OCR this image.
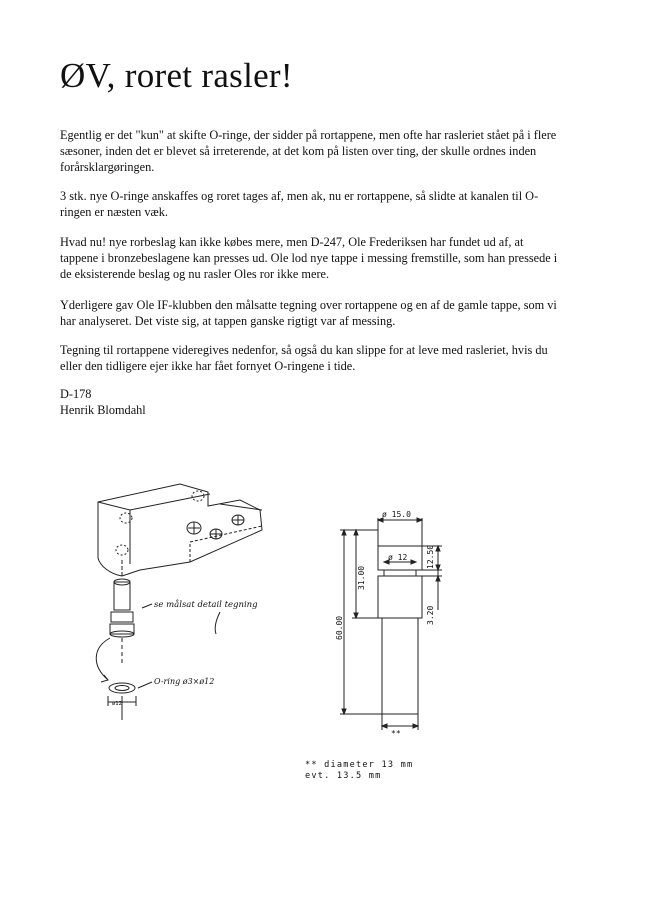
ØV, roret rasler!

Egentlig er det "kun" at skifte O-ringe, der sidder på rortappene, men ofte har rasleriet stået på i flere sæsoner, inden det er blevet så irreterende, at det kom på listen over ting, der skulle ordnes inden forårsklargøringen.

3 stk. nye O-ringe anskaffes og roret tages af, men ak, nu er rortappene, så slidte at kanalen til O-ringen er næsten væk.

Hvad nu! nye rorbeslag kan ikke købes mere, men D-247, Ole Frederiksen har fundet ud af, at tappene i bronzebeslagene kan presses ud. Ole lod nye tappe i messing fremstille, som han pressede i de eksisterende beslag og nu rasler Oles ror ikke mere.

Yderligere gav Ole IF-klubben den målsatte tegning over rortappene og en af de gamle tappe, som vi har analyseret. Det viste sig, at tappen ganske rigtigt var af messing.

Tegning til rortappene videregives nedenfor, så også du kan slippe for at leve med rasleriet, hvis du eller den tidligere ejer ikke har fået fornyet O-ringene i tide.

D-178
Henrik Blomdahl
se målsat detail tegning
O-ring ø3×ø12
ø12
ø 15.0
ø 12 12.50
3.20
31.00
60.00
**
** diameter 13 mm
evt. 13.5 mm
